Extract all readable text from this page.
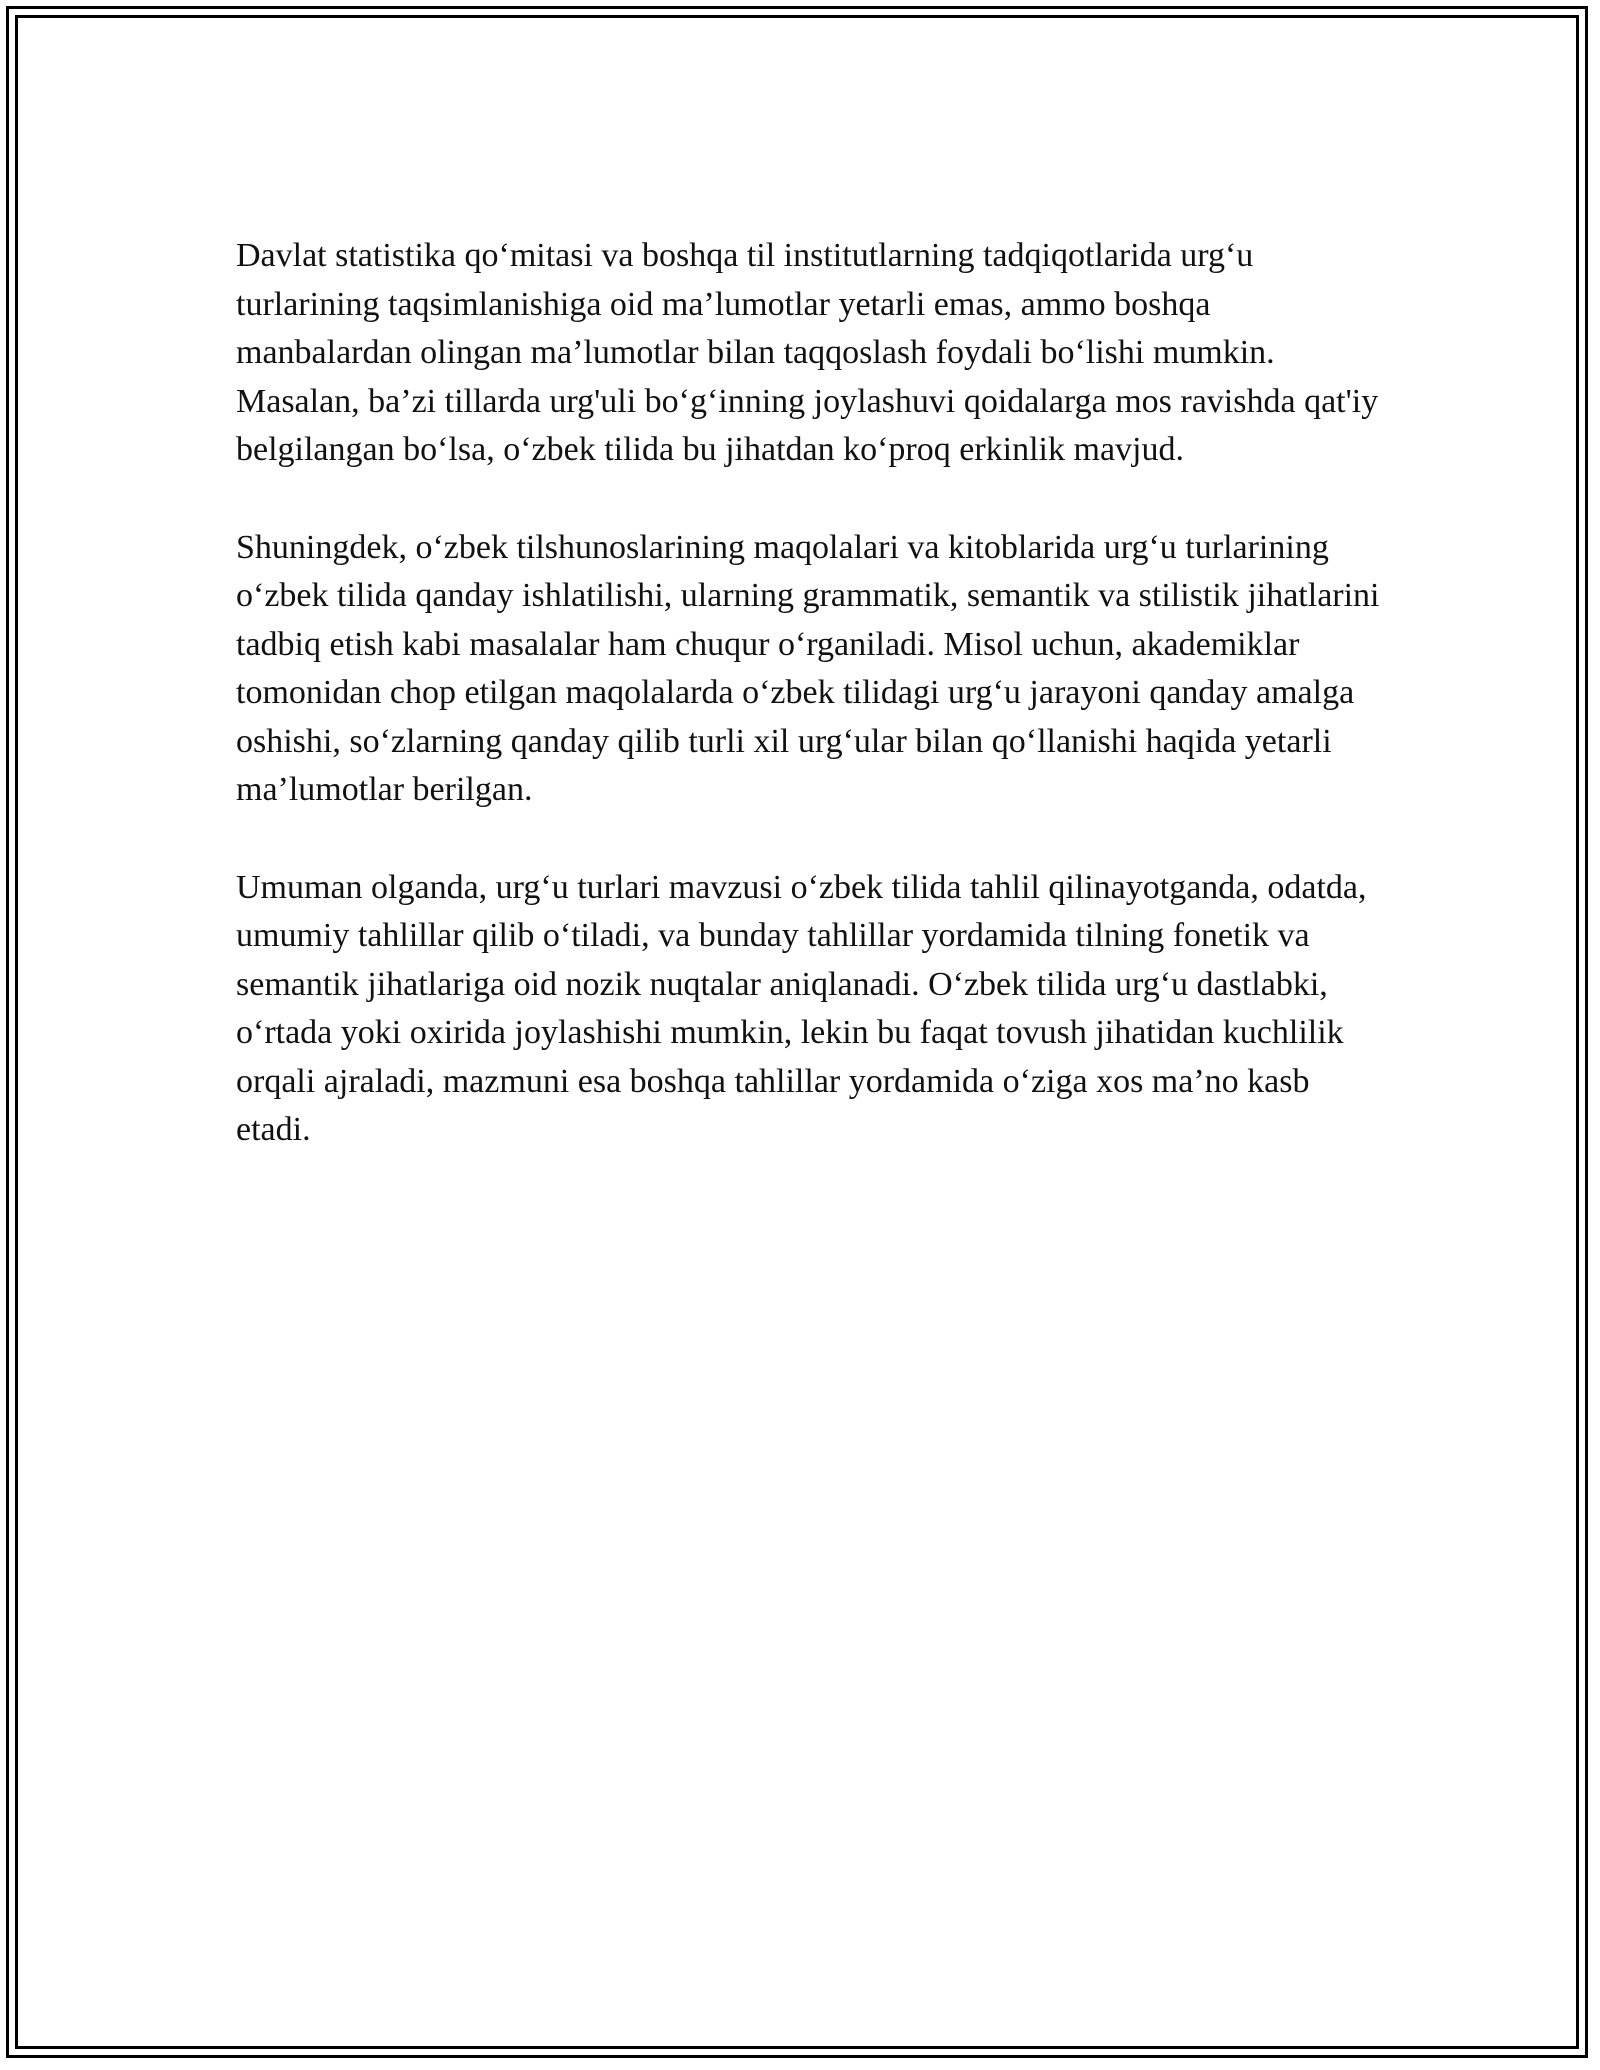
Davlat statistika qo‘mitasi va boshqa til institutlarning tadqiqotlarida urg‘u turlarining taqsimlanishiga oid ma’lumotlar yetarli emas, ammo boshqa manbalardan olingan ma’lumotlar bilan taqqoslash foydali bo‘lishi mumkin. Masalan, ba’zi tillarda urg'uli bo‘g‘inning joylashuvi qoidalarga mos ravishda qat'iy belgilangan bo‘lsa, o‘zbek tilida bu jihatdan ko‘proq erkinlik mavjud.

Shuningdek, o‘zbek tilshunoslarining maqolalari va kitoblarida urg‘u turlarining o‘zbek tilida qanday ishlatilishi, ularning grammatik, semantik va stilistik jihatlarini tadbiq etish kabi masalalar ham chuqur o‘rganiladi. Misol uchun, akademiklar tomonidan chop etilgan maqolalarda o‘zbek tilidagi urg‘u jarayoni qanday amalga oshishi, so‘zlarning qanday qilib turli xil urg‘ular bilan qo‘llanishi haqida yetarli ma’lumotlar berilgan.

Umuman olganda, urg‘u turlari mavzusi o‘zbek tilida tahlil qilinayotganda, odatda, umumiy tahlillar qilib o‘tiladi, va bunday tahlillar yordamida tilning fonetik va semantik jihatlariga oid nozik nuqtalar aniqlanadi. O‘zbek tilida urg‘u dastlabki, o‘rtada yoki oxirida joylashishi mumkin, lekin bu faqat tovush jihatidan kuchlilik orqali ajraladi, mazmuni esa boshqa tahlillar yordamida o‘ziga xos ma’no kasb etadi.
